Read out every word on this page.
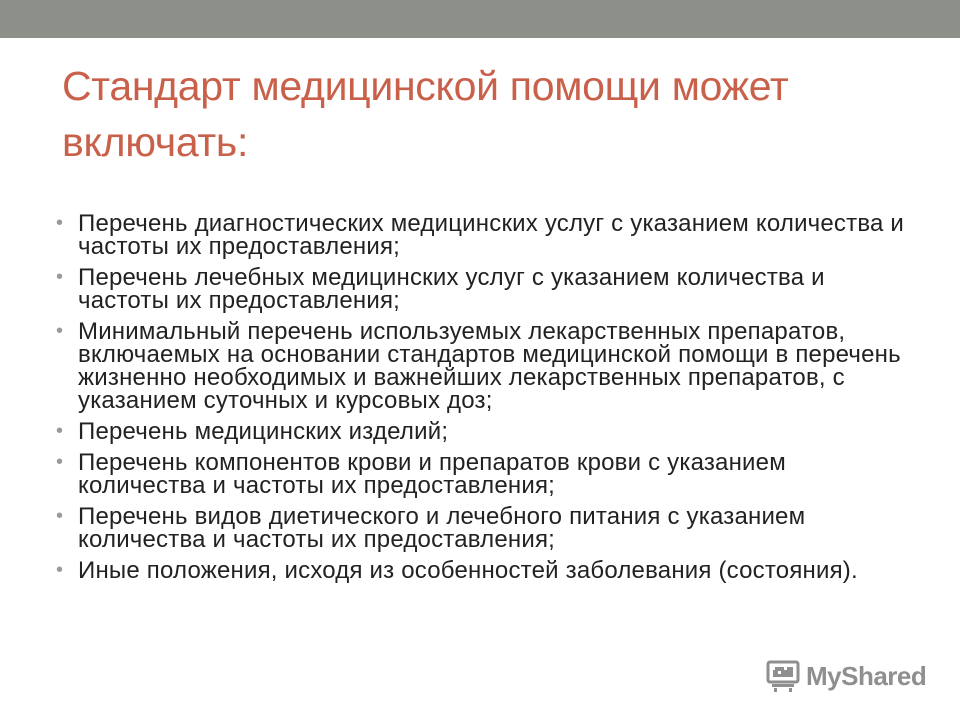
Стандарт медицинской помощи может включать:
• Перечень диагностических медицинских услуг с указанием количества и частоты их предоставления;
• Перечень лечебных медицинских услуг с указанием количества и частоты их предоставления;
• Минимальный перечень используемых лекарственных препаратов, включаемых на основании стандартов медицинской помощи в перечень жизненно необходимых и важнейших лекарственных препаратов, с указанием суточных и курсовых доз;
• Перечень медицинских изделий;
• Перечень компонентов крови и препаратов крови с указанием количества и частоты их предоставления;
• Перечень видов диетического и лечебного питания с указанием количества и частоты их предоставления;
• Иные положения, исходя из особенностей заболевания (состояния).
MyShared
